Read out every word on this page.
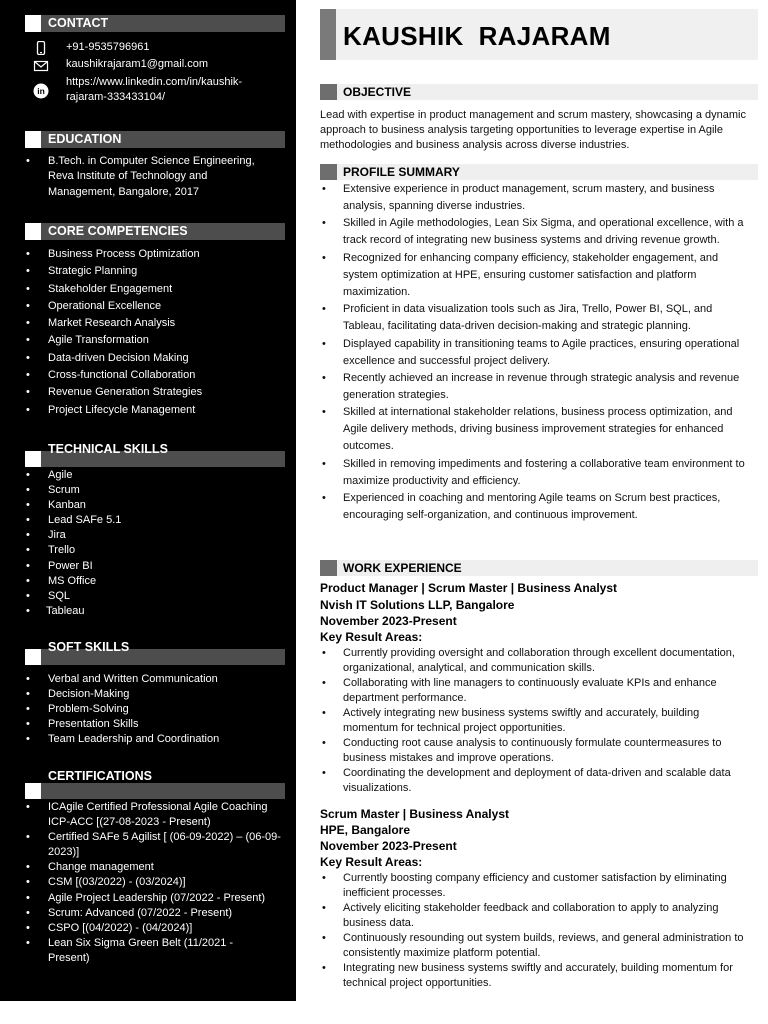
CONTACT
+91-9535796961
kaushikrajaram1@gmail.com
in
https://www.linkedin.com/in/kaushik-rajaram-333433104/
EDUCATION
• B.Tech. in Computer Science Engineering, Reva Institute of Technology and Management, Bangalore, 2017
CORE COMPETENCIES
• Business Process Optimization
• Strategic Planning
• Stakeholder Engagement
• Operational Excellence
• Market Research Analysis
• Agile Transformation
• Data-driven Decision Making
• Cross-functional Collaboration
• Revenue Generation Strategies
• Project Lifecycle Management
TECHNICAL SKILLS
• Agile
• Scrum
• Kanban
• Lead SAFe 5.1
• Jira
• Trello
• Power BI
• MS Office
• SQL
• Tableau
SOFT SKILLS
• Verbal and Written Communication
• Decision-Making
• Problem-Solving
• Presentation Skills
• Team Leadership and Coordination
CERTIFICATIONS
• ICAgile Certified Professional Agile Coaching ICP-ACC [(27-08-2023 - Present)
• Certified SAFe 5 Agilist [ (06-09-2022) – (06-09-2023)]
• Change management
• CSM [(03/2022) - (03/2024)]
• Agile Project Leadership (07/2022 - Present)
• Scrum: Advanced (07/2022 - Present)
• CSPO [(04/2022) - (04/2024)]
• Lean Six Sigma Green Belt (11/2021 - Present)
KAUSHIK  RAJARAM
OBJECTIVE

Lead with expertise in product management and scrum mastery, showcasing a dynamic approach to business analysis targeting opportunities to leverage expertise in Agile methodologies and business analysis across diverse industries.

PROFILE SUMMARY
• Extensive experience in product management, scrum mastery, and business analysis, spanning diverse industries.
• Skilled in Agile methodologies, Lean Six Sigma, and operational excellence, with a track record of integrating new business systems and driving revenue growth.
• Recognized for enhancing company efficiency, stakeholder engagement, and system optimization at HPE, ensuring customer satisfaction and platform maximization.
• Proficient in data visualization tools such as Jira, Trello, Power BI, SQL, and Tableau, facilitating data-driven decision-making and strategic planning.
• Displayed capability in transitioning teams to Agile practices, ensuring operational excellence and successful project delivery.
• Recently achieved an increase in revenue through strategic analysis and revenue generation strategies.
• Skilled at international stakeholder relations, business process optimization, and Agile delivery methods, driving business improvement strategies for enhanced outcomes.
• Skilled in removing impediments and fostering a collaborative team environment to maximize productivity and efficiency.
• Experienced in coaching and mentoring Agile teams on Scrum best practices, encouraging self-organization, and continuous improvement.
WORK EXPERIENCE
Product Manager | Scrum Master | Business Analyst
Nvish IT Solutions LLP, Bangalore
November 2023-Present
Key Result Areas:
• Currently providing oversight and collaboration through excellent documentation, organizational, analytical, and communication skills.
• Collaborating with line managers to continuously evaluate KPIs and enhance department performance.
• Actively integrating new business systems swiftly and accurately, building momentum for technical project opportunities.
• Conducting root cause analysis to continuously formulate countermeasures to business mistakes and improve operations.
• Coordinating the development and deployment of data-driven and scalable data visualizations.
Scrum Master | Business Analyst
HPE, Bangalore
November 2023-Present
Key Result Areas:
• Currently boosting company efficiency and customer satisfaction by eliminating inefficient processes.
• Actively eliciting stakeholder feedback and collaboration to apply to analyzing business data.
• Continuously resounding out system builds, reviews, and general administration to consistently maximize platform potential.
• Integrating new business systems swiftly and accurately, building momentum for technical project opportunities.
